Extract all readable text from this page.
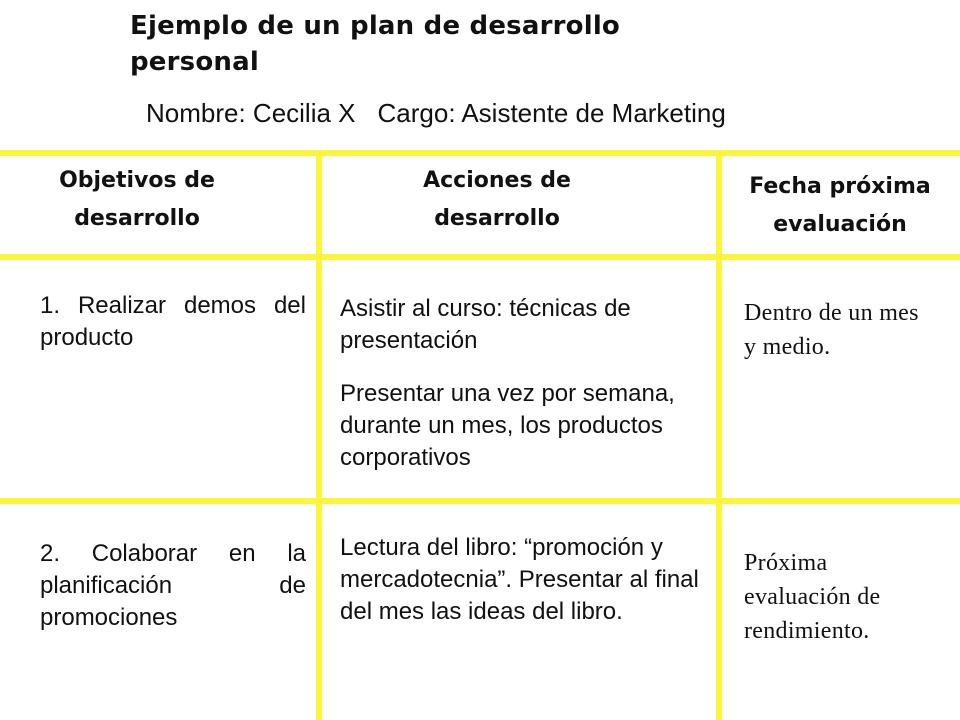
Ejemplo de un plan de desarrollo personal
Nombre: Cecilia X Cargo: Asistente de Marketing
Objetivos de desarrollo
Acciones de desarrollo
Fecha próxima evaluación
1. Realizar demos del producto
Asistir al curso: técnicas de presentación
Presentar una vez por semana, durante un mes, los productos corporativos
Dentro de un mes y medio.
2. Colaborar en la planificación de promociones
Lectura del libro: “promoción y mercadotecnia”. Presentar al final del mes las ideas del libro.
Próxima evaluación de rendimiento.
